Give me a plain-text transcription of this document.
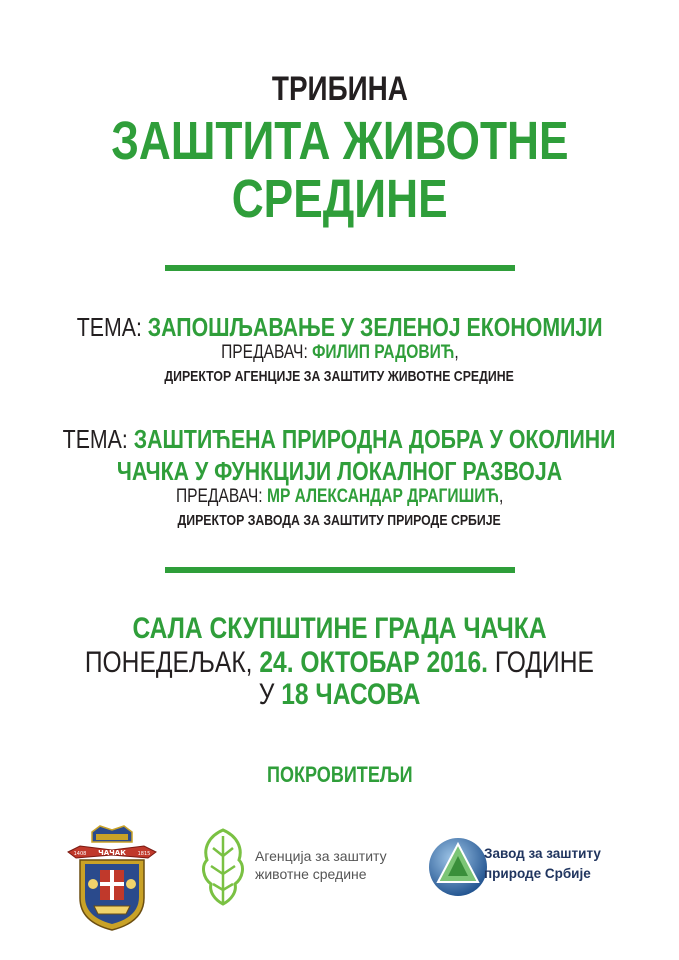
ТРИБИНА
ЗАШТИТА ЖИВОТНЕ
СРЕДИНЕ
ТЕМА: ЗАПОШЉАВАЊЕ У ЗЕЛЕНОЈ ЕКОНОМИЈИ
ПРЕДАВАЧ: ФИЛИП РАДОВИЋ,
ДИРЕКТОР АГЕНЦИЈЕ ЗА ЗАШТИТУ ЖИВОТНЕ СРЕДИНЕ
ТЕМА: ЗАШТИЋЕНА ПРИРОДНА ДОБРА У ОКОЛИНИ
ЧАЧКА У ФУНКЦИЈИ ЛОКАЛНОГ РАЗВОЈА
ПРЕДАВАЧ: МР АЛЕКСАНДАР ДРАГИШИЋ,
ДИРЕКТОР ЗАВОДА ЗА ЗАШТИТУ ПРИРОДЕ СРБИЈЕ
САЛА СКУПШТИНЕ ГРАДА ЧАЧКА
ПОНЕДЕЉАК, 24. ОКТОБАР 2016. ГОДИНЕ
У 18 ЧАСОВА
ПОКРОВИТЕЉИ
ЧАЧАК
1408	1815	Агенција за заштиту
животне средине
Завод за заштиту
природе Србије
